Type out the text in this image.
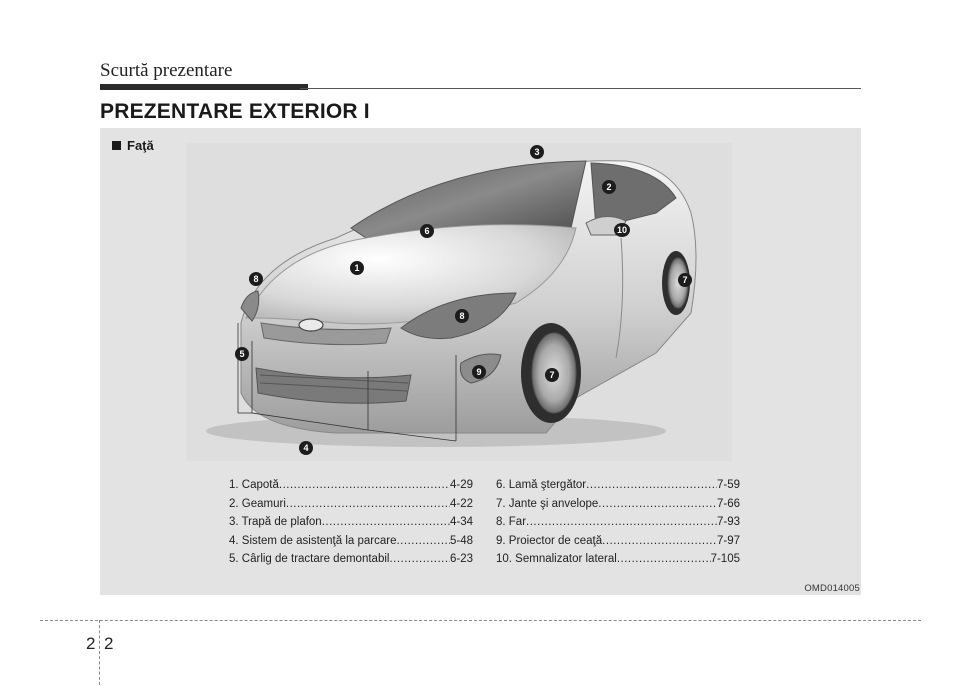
Scurtă prezentare
PREZENTARE EXTERIOR I
Faţă
1
2
3
4
5
6
7
7
8
8
9
10
1. Capotă .....	4-29
2. Geamuri .....	4-22
3. Trapă de plafon .....	4-34
4. Sistem de asistenţă la parcare .....	5-48
5. Cârlig de tractare demontabil .....	6-23
6. Lamă ştergător .....	7-59
7. Jante şi anvelope .....	7-66
8. Far .....	7-93
9. Proiector de ceaţă .....	7-97
10. Semnalizator lateral .....	7-105
OMD014005
2 2
